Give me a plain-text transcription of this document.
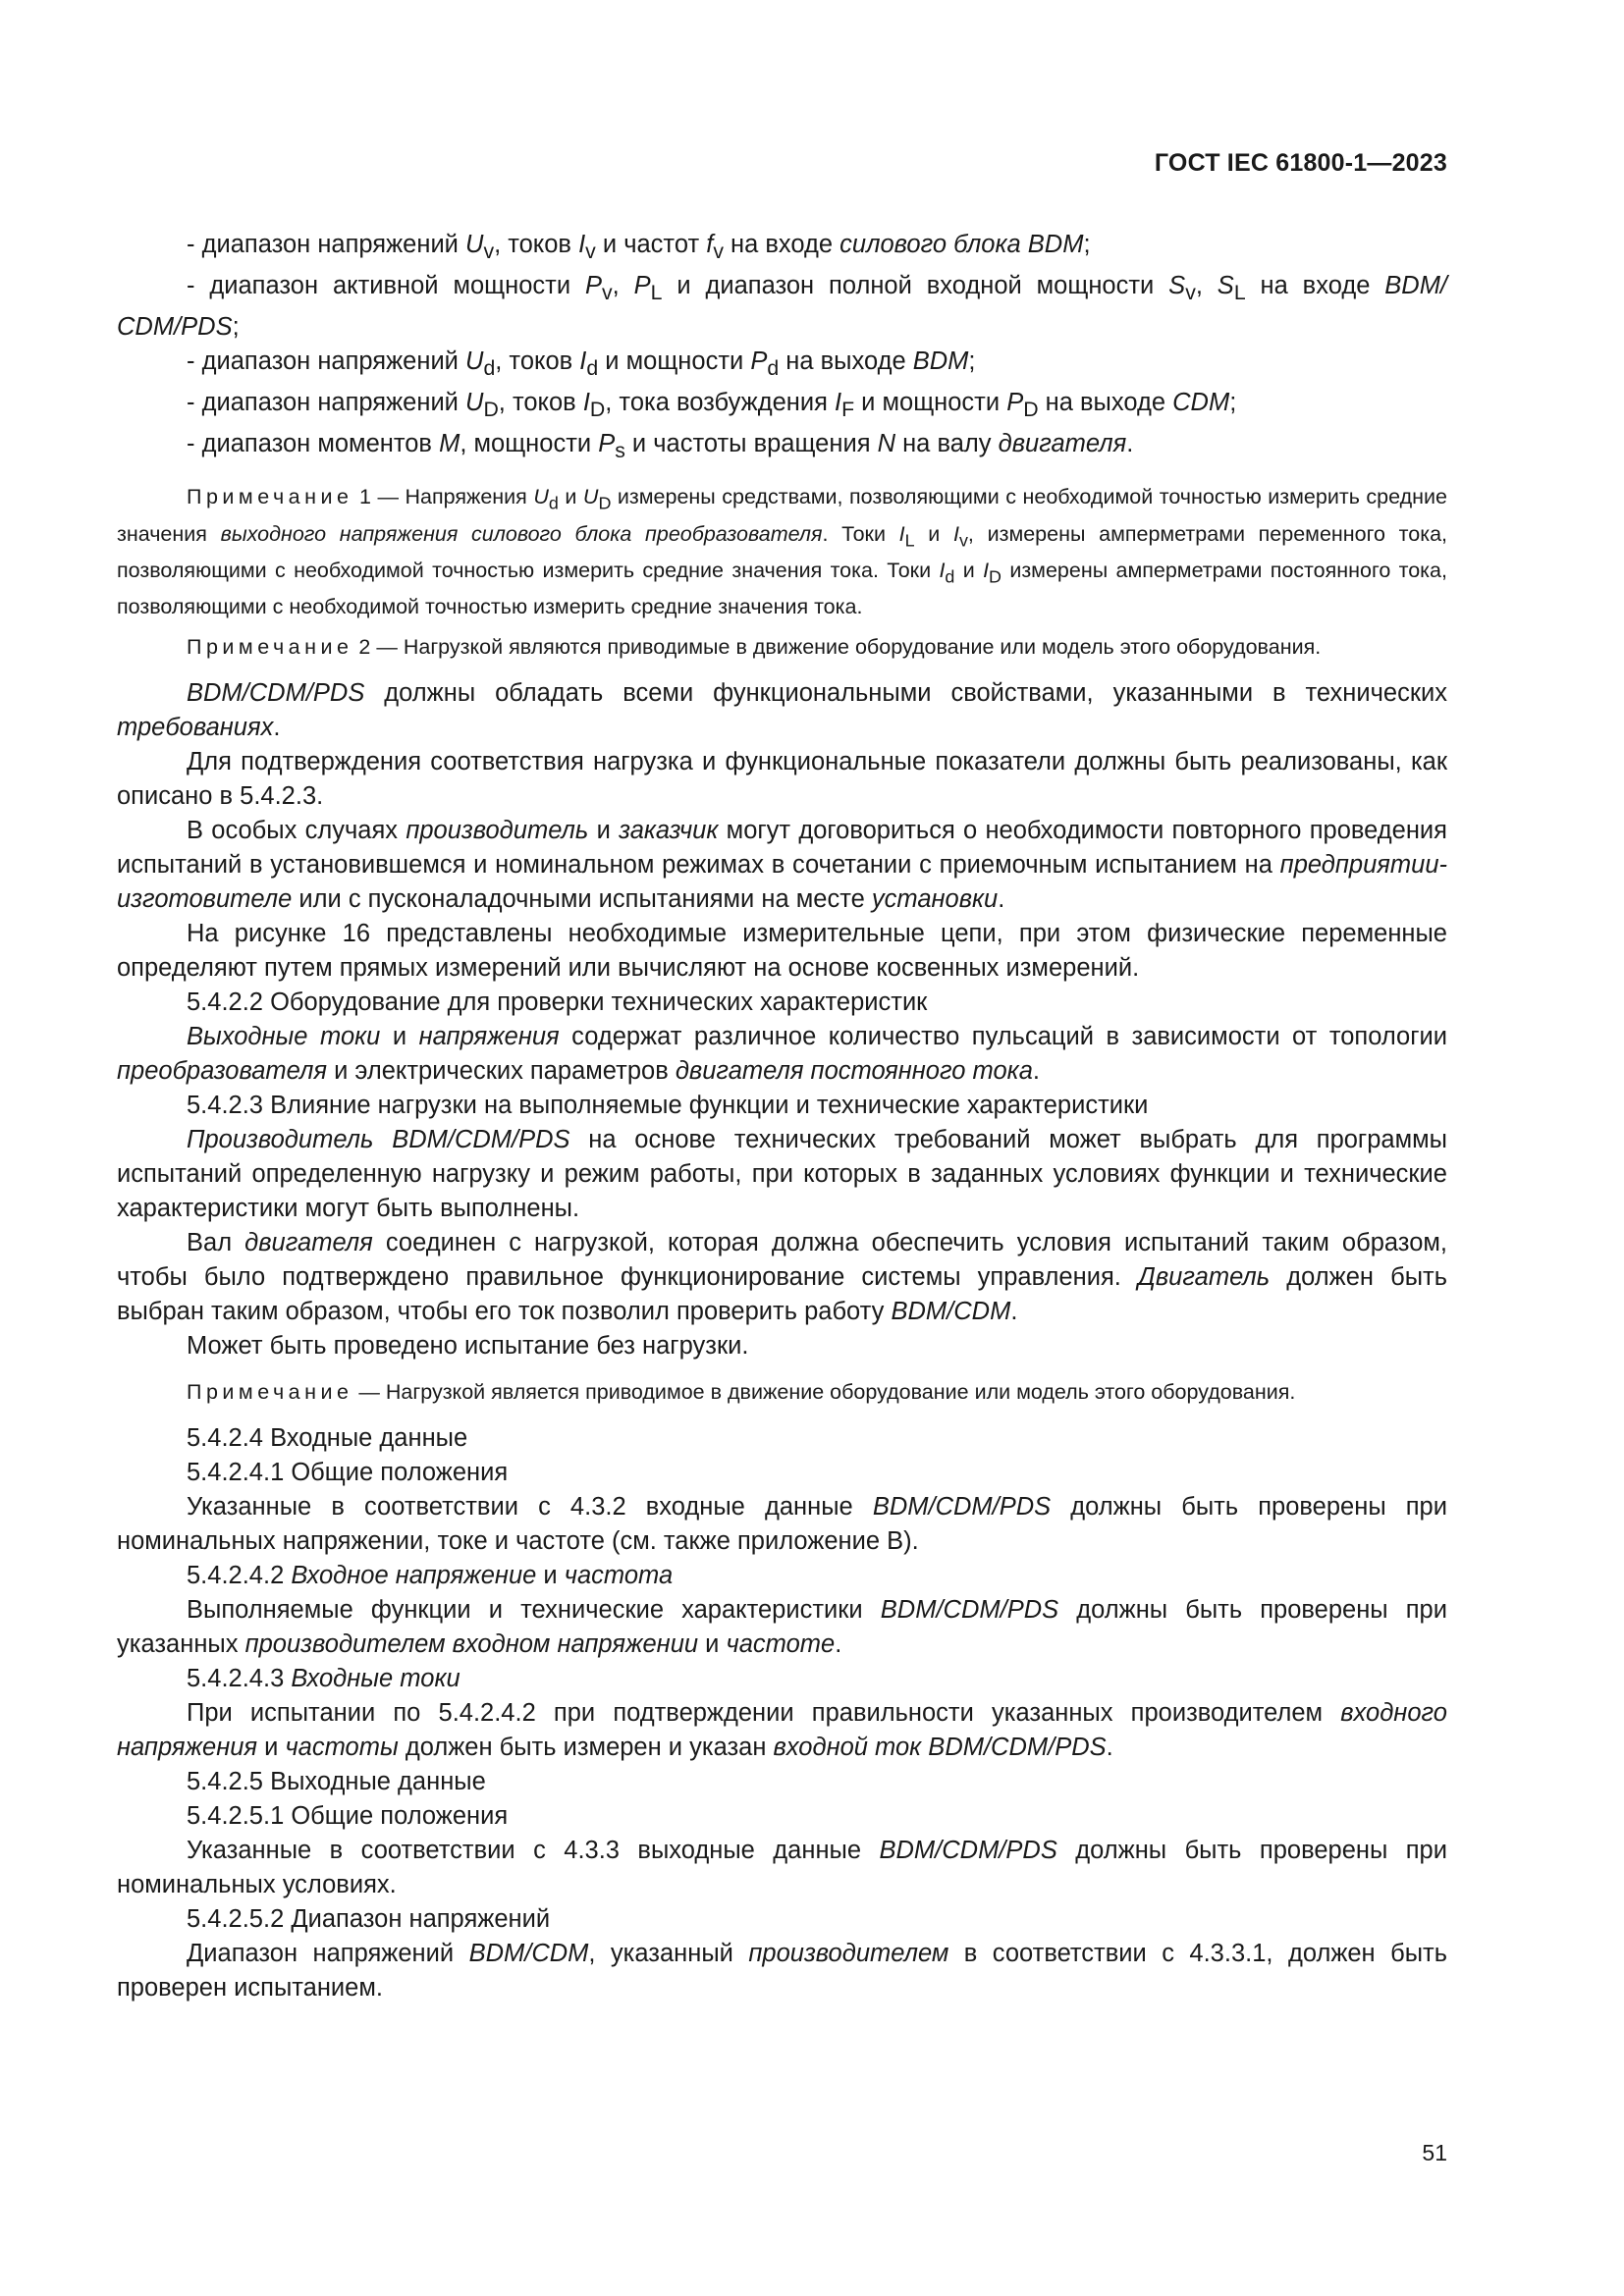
ГОСТ IEC 61800-1—2023

- диапазон напряжений $U_v$, токов $I_v$ и частот $f_v$ на входе силового блока BDM;

- диапазон активной мощности $P_v$, $P_L$ и диапазон полной входной мощности $S_v$, $S_L$ на входе BDM/ CDM/PDS;

- диапазон напряжений $U_d$, токов $I_d$ и мощности $P_d$ на выходе BDM;

- диапазон напряжений $U_D$, токов $I_D$, тока возбуждения $I_F$ и мощности $P_D$ на выходе CDM;

- диапазон моментов M, мощности $P_s$ и частоты вращения N на валу двигателя.

Примечание 1 — Напряжения $U_d$ и $U_D$ измерены средствами, позволяющими с необходимой точностью измерить средние значения выходного напряжения силового блока преобразователя. Токи $I_L$ и $I_v$, измерены амперметрами переменного тока, позволяющими с необходимой точностью измерить средние значения тока. Токи $I_d$ и $I_D$ измерены амперметрами постоянного тока, позволяющими с необходимой точностью измерить средние значения тока.

Примечание 2 — Нагрузкой являются приводимые в движение оборудование или модель этого оборудования.

BDM/CDM/PDS должны обладать всеми функциональными свойствами, указанными в технических требованиях.

Для подтверждения соответствия нагрузка и функциональные показатели должны быть реализованы, как описано в 5.4.2.3.

В особых случаях производитель и заказчик могут договориться о необходимости повторного проведения испытаний в установившемся и номинальном режимах в сочетании с приемочным испытанием на предприятии-изготовителе или с пусконаладочными испытаниями на месте установки.

На рисунке 16 представлены необходимые измерительные цепи, при этом физические переменные определяют путем прямых измерений или вычисляют на основе косвенных измерений.

5.4.2.2 Оборудование для проверки технических характеристик

Выходные токи и напряжения содержат различное количество пульсаций в зависимости от топологии преобразователя и электрических параметров двигателя постоянного тока.

5.4.2.3 Влияние нагрузки на выполняемые функции и технические характеристики

Производитель BDM/CDM/PDS на основе технических требований может выбрать для программы испытаний определенную нагрузку и режим работы, при которых в заданных условиях функции и технические характеристики могут быть выполнены.

Вал двигателя соединен с нагрузкой, которая должна обеспечить условия испытаний таким образом, чтобы было подтверждено правильное функционирование системы управления. Двигатель должен быть выбран таким образом, чтобы его ток позволил проверить работу BDM/CDM.

Может быть проведено испытание без нагрузки.

Примечание — Нагрузкой является приводимое в движение оборудование или модель этого оборудования.

5.4.2.4 Входные данные

5.4.2.4.1 Общие положения

Указанные в соответствии с 4.3.2 входные данные BDM/CDM/PDS должны быть проверены при номинальных напряжении, токе и частоте (см. также приложение В).

5.4.2.4.2 Входное напряжение и частота

Выполняемые функции и технические характеристики BDM/CDM/PDS должны быть проверены при указанных производителем входном напряжении и частоте.

5.4.2.4.3 Входные токи

При испытании по 5.4.2.4.2 при подтверждении правильности указанных производителем входного напряжения и частоты должен быть измерен и указан входной ток BDM/CDM/PDS.

5.4.2.5 Выходные данные

5.4.2.5.1 Общие положения

Указанные в соответствии с 4.3.3 выходные данные BDM/CDM/PDS должны быть проверены при номинальных условиях.

5.4.2.5.2 Диапазон напряжений

Диапазон напряжений BDM/CDM, указанный производителем в соответствии с 4.3.3.1, должен быть проверен испытанием.

51
